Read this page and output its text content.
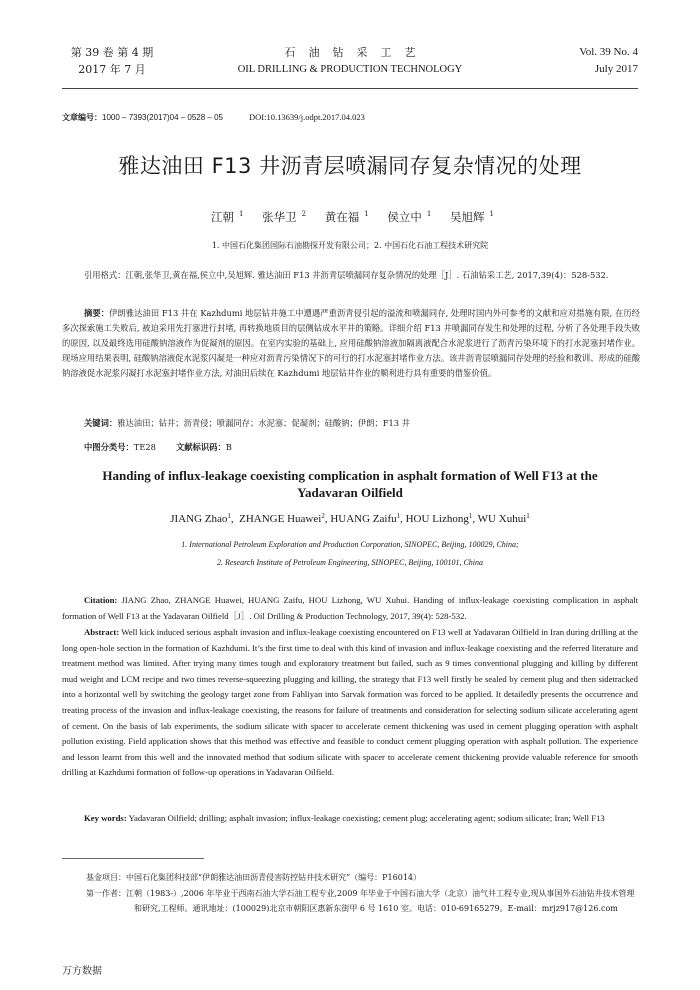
第 39 卷 第 4 期
2017 年 7 月
石油钻采工艺
OIL DRILLING & PRODUCTION TECHNOLOGY
Vol. 39 No. 4
July 2017
文章编号：1000 – 7393(2017)04 – 0528 – 05	DOI:10.13639/j.odpt.2017.04.023
雅达油田 F13 井沥青层喷漏同存复杂情况的处理
江朝 $^1$ 张华卫 $^2$ 黄在福 $^1$ 侯立中 $^1$ 吴旭辉 $^1$
1. 中国石化集团国际石油勘探开发有限公司；2. 中国石化石油工程技术研究院
引用格式：江朝,张华卫,黄在福,侯立中,吴旭辉. 雅达油田 F13 井沥青层喷漏同存复杂情况的处理［J］. 石油钻采工艺, 2017,39(4)：528-532.
摘要：伊朗雅达油田 F13 井在 Kazhdumi 地层钻井施工中遭遇严重沥青侵引起的溢流和喷漏同存, 处理时国内外可参考的文献和应对措施有限, 在历经多次探索施工失败后, 被迫采用先打塞进行封堵, 再转换地质目的层侧钻成水平井的策略。详细介绍 F13 井喷漏同存发生和处理的过程, 分析了各处理手段失败的原因, 以及最终选用硅酸钠溶液作为促凝剂的原因。在室内实验的基础上, 应用硅酸钠溶液加隔离液配合水泥浆进行了沥青污染环境下的打水泥塞封堵作业。现场应用结果表明, 硅酸钠溶液促水泥浆闪凝是一种应对沥青污染情况下的可行的打水泥塞封堵作业方法。该井沥青层喷漏同存处理的经验和教训、形成的硅酸钠溶液促水泥浆闪凝打水泥塞封堵作业方法, 对油田后续在 Kazhdumi 地层钻井作业的顺利进行具有重要的借鉴价值。
关键词：雅达油田；钻井；沥青侵；喷漏同存；水泥塞；促凝剂；硅酸钠；伊朗；F13 井
中图分类号：TE28 文献标识码：B
Handing of influx-leakage coexisting complication in asphalt formation of Well F13 at the Yadavaran Oilfield
JIANG Zhao$^1$,  ZHANGE Huawei$^2$, HUANG Zaifu$^1$, HOU Lizhong$^1$, WU Xuhui$^1$
1. International Petroleum Exploration and Production Corporation, SINOPEC, Beijing, 100029, China;
2. Research Institute of Petroleum Engineering, SINOPEC, Beijing, 100101, China
Citation: JIANG Zhao, ZHANGE Huawei, HUANG Zaifu, HOU Lizhong, WU Xuhui. Handing of influx-leakage coexisting complication in asphalt formation of Well F13 at the Yadavaran Oilfield［J］. Oil Drilling & Production Technology, 2017, 39(4): 528-532.
Abstract: Well kick induced serious asphalt invasion and influx-leakage coexisting encountered on F13 well at Yadavaran Oilfield in Iran during drilling at the long open-hole section in the formation of Kazhdumi. It’s the first time to deal with this kind of invasion and influx-leakage coexisting and the referred literature and treatment method was limited. After trying many times tough and exploratory treatment but failed, such as 9 times conventional plugging and killing by different mud weight and LCM recipe and two times reverse-squeezing plugging and killing, the strategy that F13 well firstly be sealed by cement plug and then sidetracked into a horizontal well by switching the geology target zone from Fahliyan into Sarvak formation was forced to be applied. It detailedly presents the occurrence and treating process of the invasion and influx-leakage coexisting, the reasons for failure of treatments and consideration for selecting sodium silicate accelerating agent of cement. On the basis of lab experiments, the sodium silicate with spacer to accelerate cement thickening was used in cement plugging operation with asphalt pollution existing. Field application shows that this method was effective and feasible to conduct cement plugging operation with asphalt pollution. The experience and lesson learnt from this well and the innovated method that sodium silicate with spacer to accelerate cement thickening provide valuable reference for smooth drilling at Kazhdumi formation of follow-up operations in Yadavaran Oilfield.
Key words: Yadavaran Oilfield; drilling; asphalt invasion; influx-leakage coexisting; cement plug; accelerating agent; sodium silicate; Iran; Well F13
基金项目：中国石化集团科技部“伊朗雅达油田沥青侵害防控钻井技术研究”（编号：P16014）
第一作者：江朝（1983-）,2006 年毕业于西南石油大学石油工程专业,2009 年毕业于中国石油大学（北京）油气井工程专业,现从事国外石油钻井技术管理和研究,工程师。通讯地址：(100029)北京市朝阳区惠新东街甲 6 号 1610 室。电话：010-69165279。E-mail：mrjz917@126.com
万方数据
